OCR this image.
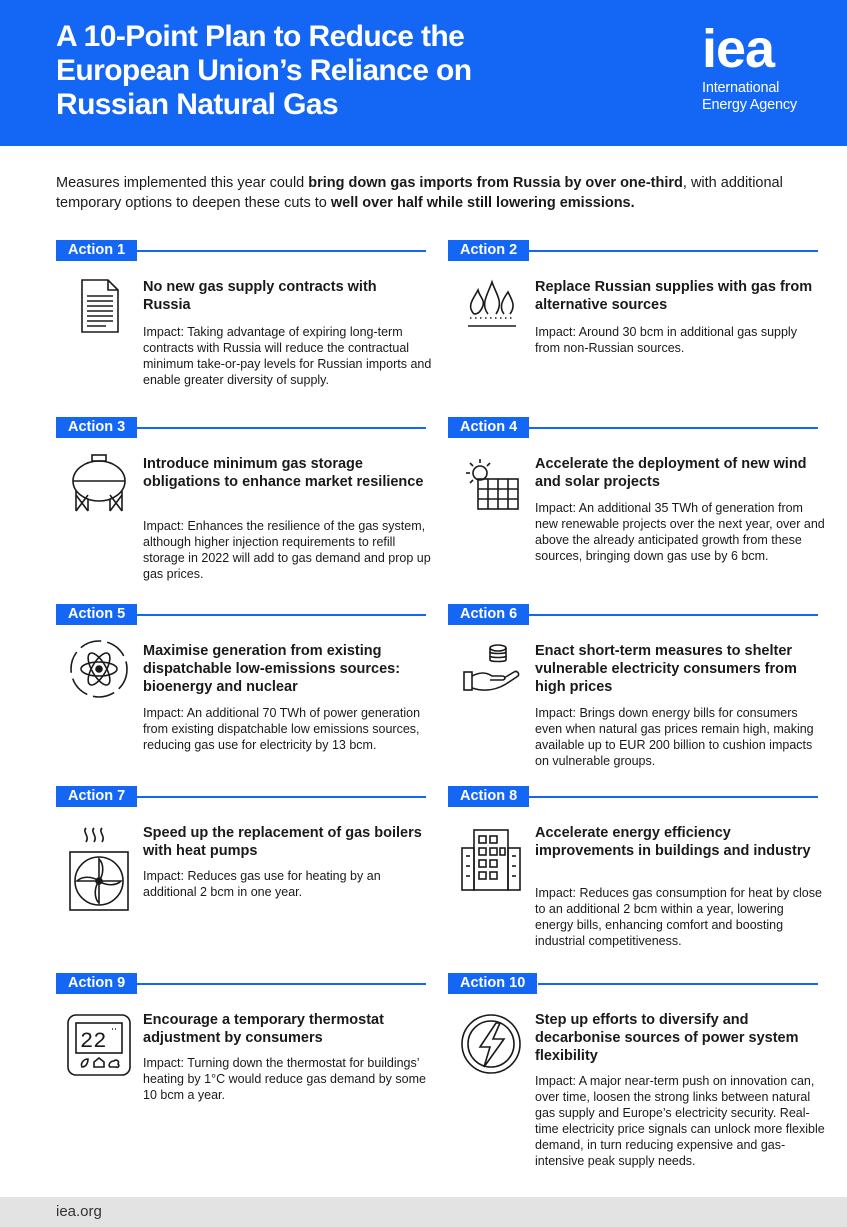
A 10-Point Plan to Reduce the European Union’s Reliance on Russian Natural Gas
iea
International Energy Agency
Measures implemented this year could bring down gas imports from Russia by over one-third, with additional temporary options to deepen these cuts to well over half while still lowering emissions.
Action 1
No new gas supply contracts with Russia
Impact: Taking advantage of expiring long-term contracts with Russia will reduce the contractual minimum take-or-pay levels for Russian imports and enable greater diversity of supply.
Action 2
Replace Russian supplies with gas from alternative sources
Impact: Around 30 bcm in additional gas supply from non-Russian sources.
Action 3
Introduce minimum gas storage obligations to enhance market resilience
Impact: Enhances the resilience of the gas system, although higher injection requirements to refill storage in 2022 will add to gas demand and prop up gas prices.
Action 4
Accelerate the deployment of new wind and solar projects
Impact: An additional 35 TWh of generation from new renewable projects over the next year, over and above the already anticipated growth from these sources, bringing down gas use by 6 bcm.
Action 5
Maximise generation from existing dispatchable low-emissions sources: bioenergy and nuclear
Impact: An additional 70 TWh of power generation from existing dispatchable low emissions sources, reducing gas use for electricity by 13 bcm.
Action 6
Enact short-term measures to shelter vulnerable electricity consumers from high prices
Impact: Brings down energy bills for consumers even when natural gas prices remain high, making available up to EUR 200 billion to cushion impacts on vulnerable groups.
Action 7
Speed up the replacement of gas boilers with heat pumps
Impact: Reduces gas use for heating by an additional 2 bcm in one year.
Action 8
Accelerate energy efficiency improvements in buildings and industry
Impact: Reduces gas consumption for heat by close to an additional 2 bcm within a year, lowering energy bills, enhancing comfort and boosting industrial competitiveness.
Action 9
22
Encourage a temporary thermostat adjustment by consumers
Impact: Turning down the thermostat for buildings’ heating by 1°C would reduce gas demand by some 10 bcm a year.
Action 10
Step up efforts to diversify and decarbonise sources of power system flexibility
Impact: A major near-term push on innovation can, over time, loosen the strong links between natural gas supply and Europe’s electricity security. Real-time electricity price signals can unlock more flexible demand, in turn reducing expensive and gas-intensive peak supply needs.
iea.org
